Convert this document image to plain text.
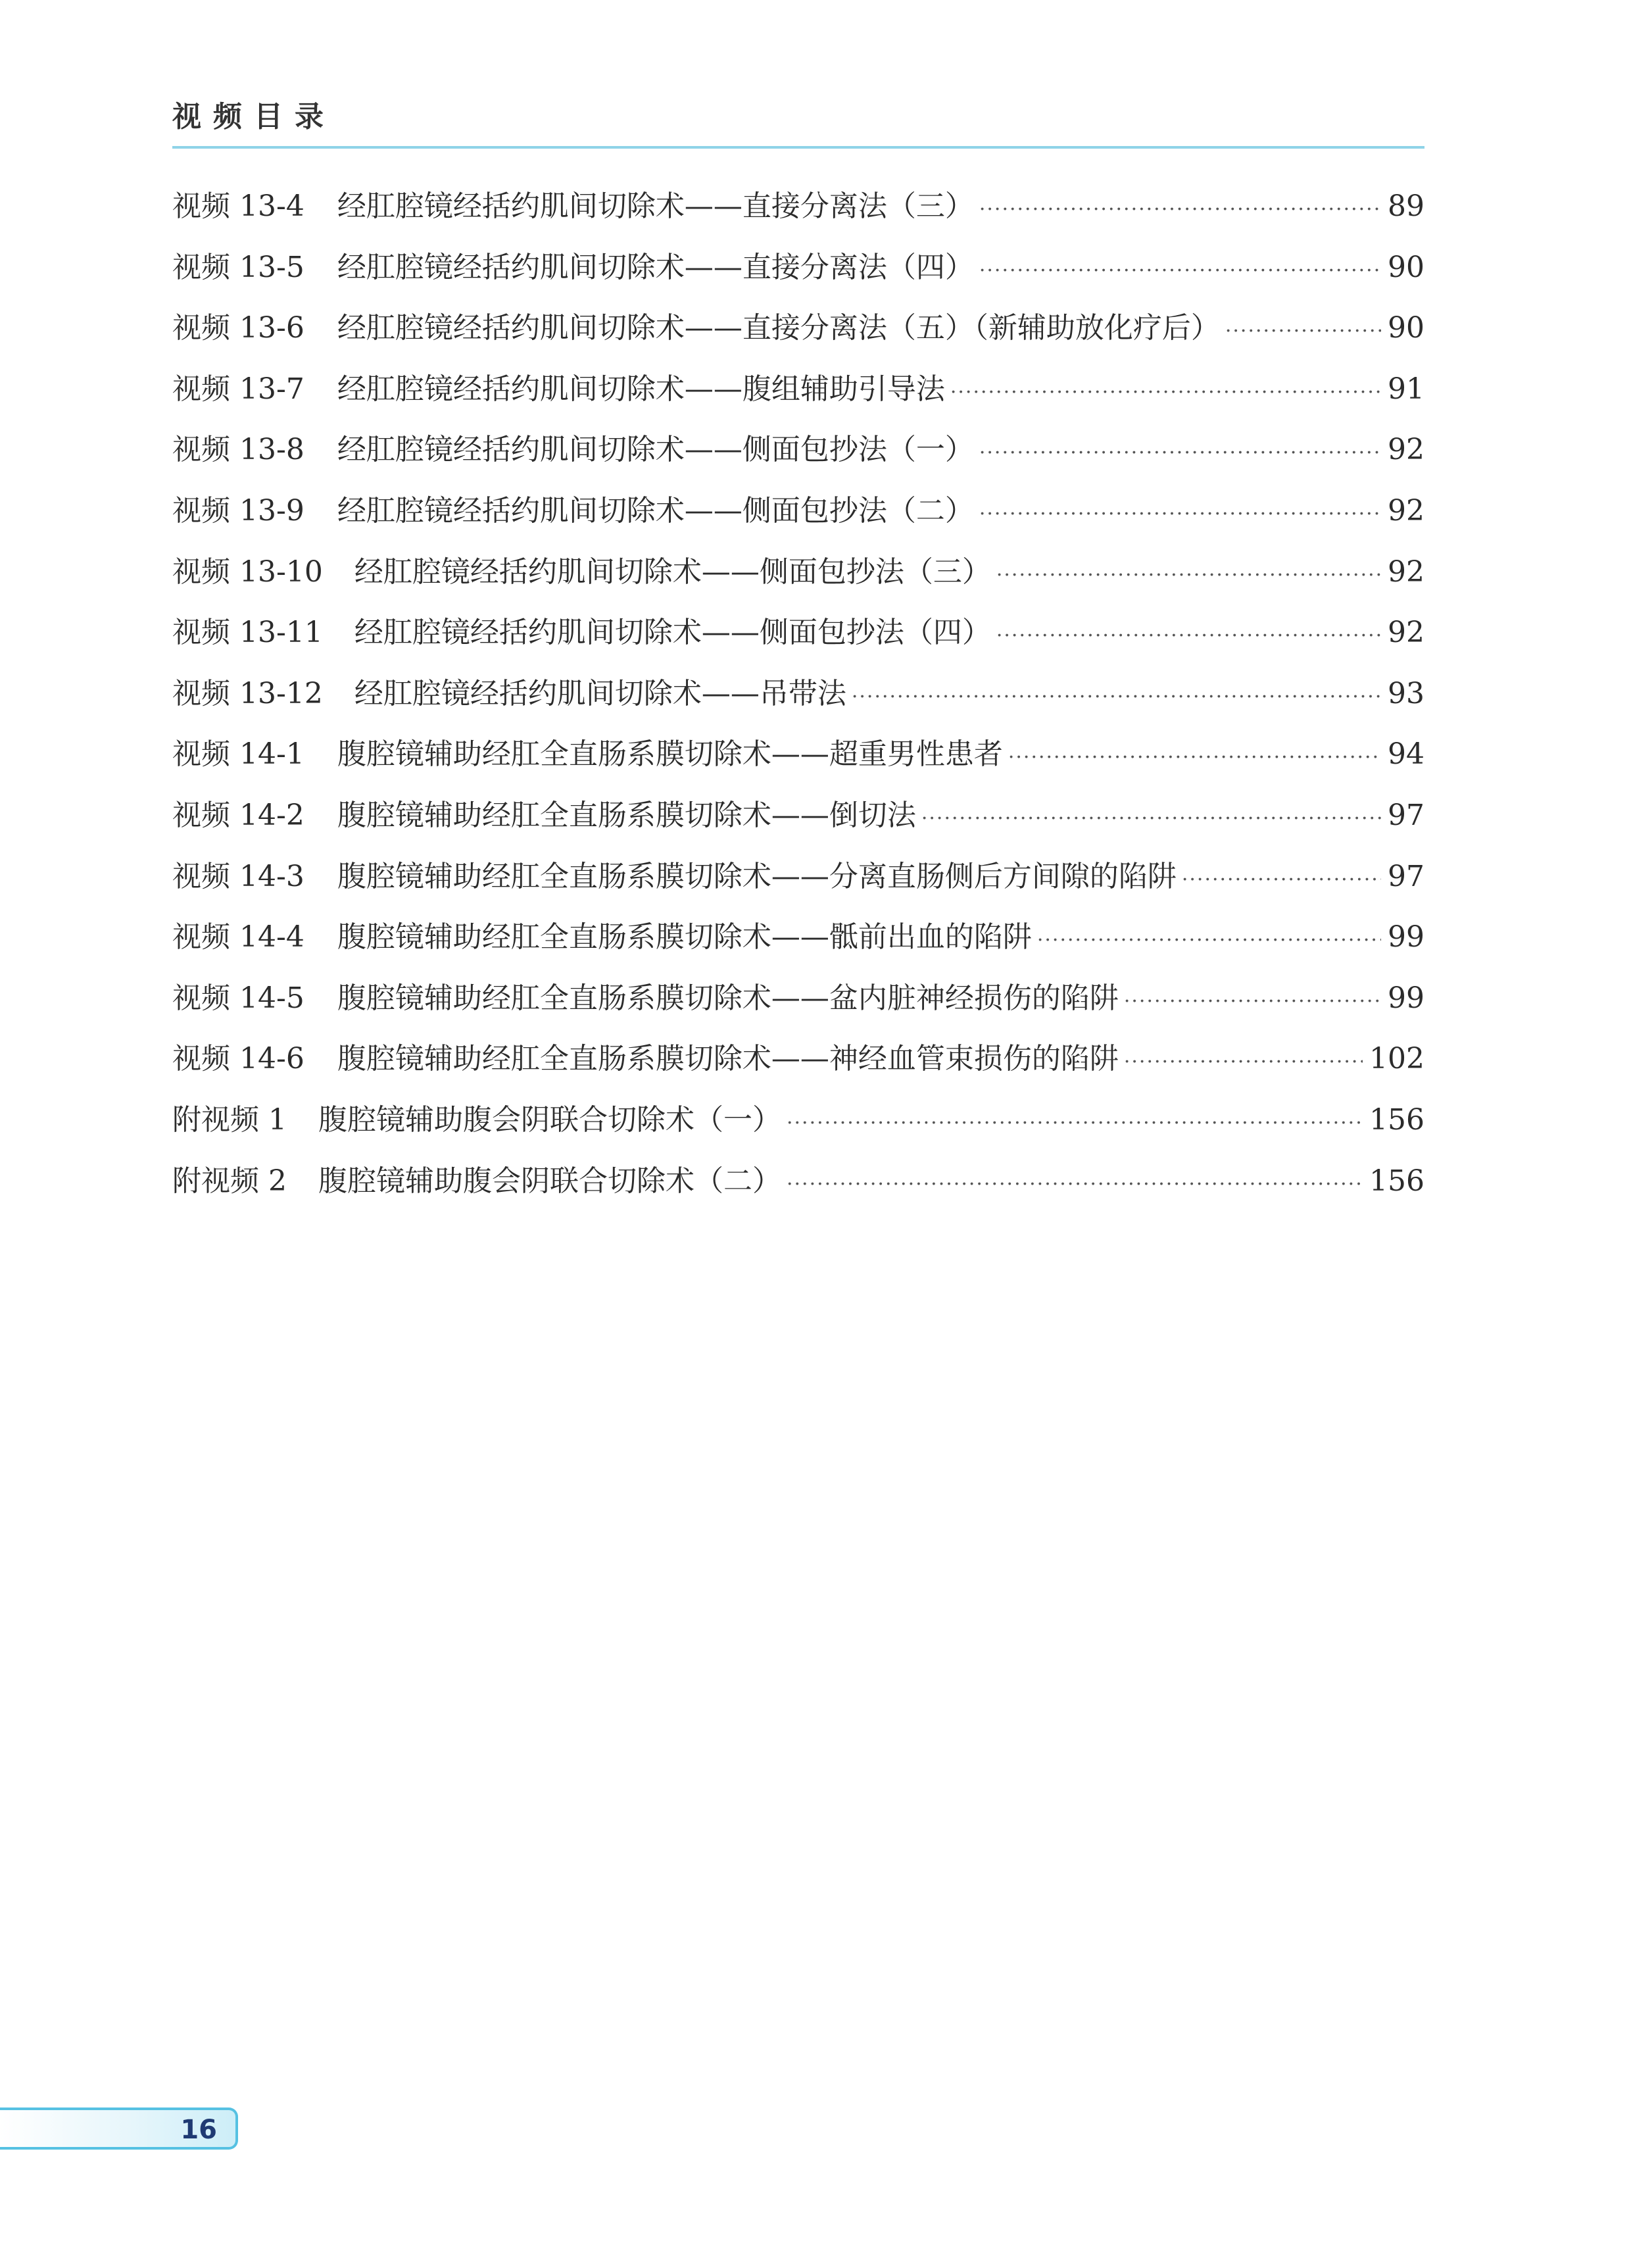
视频目录
视频 13-4 经肛腔镜经括约肌间切除术——直接分离法（三） ·····	89
视频 13-5 经肛腔镜经括约肌间切除术——直接分离法（四） ·····	90
视频 13-6 经肛腔镜经括约肌间切除术——直接分离法（五）（新辅助放化疗后） ·····	90
视频 13-7 经肛腔镜经括约肌间切除术——腹组辅助引导法 ·····	91
视频 13-8 经肛腔镜经括约肌间切除术——侧面包抄法（一） ·····	92
视频 13-9 经肛腔镜经括约肌间切除术——侧面包抄法（二） ·····	92
视频 13-10 经肛腔镜经括约肌间切除术——侧面包抄法（三） ·····	92
视频 13-11 经肛腔镜经括约肌间切除术——侧面包抄法（四） ·····	92
视频 13-12 经肛腔镜经括约肌间切除术——吊带法 ·····	93
视频 14-1 腹腔镜辅助经肛全直肠系膜切除术——超重男性患者 ·····	94
视频 14-2 腹腔镜辅助经肛全直肠系膜切除术——倒切法 ·····	97
视频 14-3 腹腔镜辅助经肛全直肠系膜切除术——分离直肠侧后方间隙的陷阱 ·····	97
视频 14-4 腹腔镜辅助经肛全直肠系膜切除术——骶前出血的陷阱 ·····	99
视频 14-5 腹腔镜辅助经肛全直肠系膜切除术——盆内脏神经损伤的陷阱 ·····	99
视频 14-6 腹腔镜辅助经肛全直肠系膜切除术——神经血管束损伤的陷阱 ·····	102
附视频 1 腹腔镜辅助腹会阴联合切除术（一） ·····	156
附视频 2 腹腔镜辅助腹会阴联合切除术（二） ·····	156
16
